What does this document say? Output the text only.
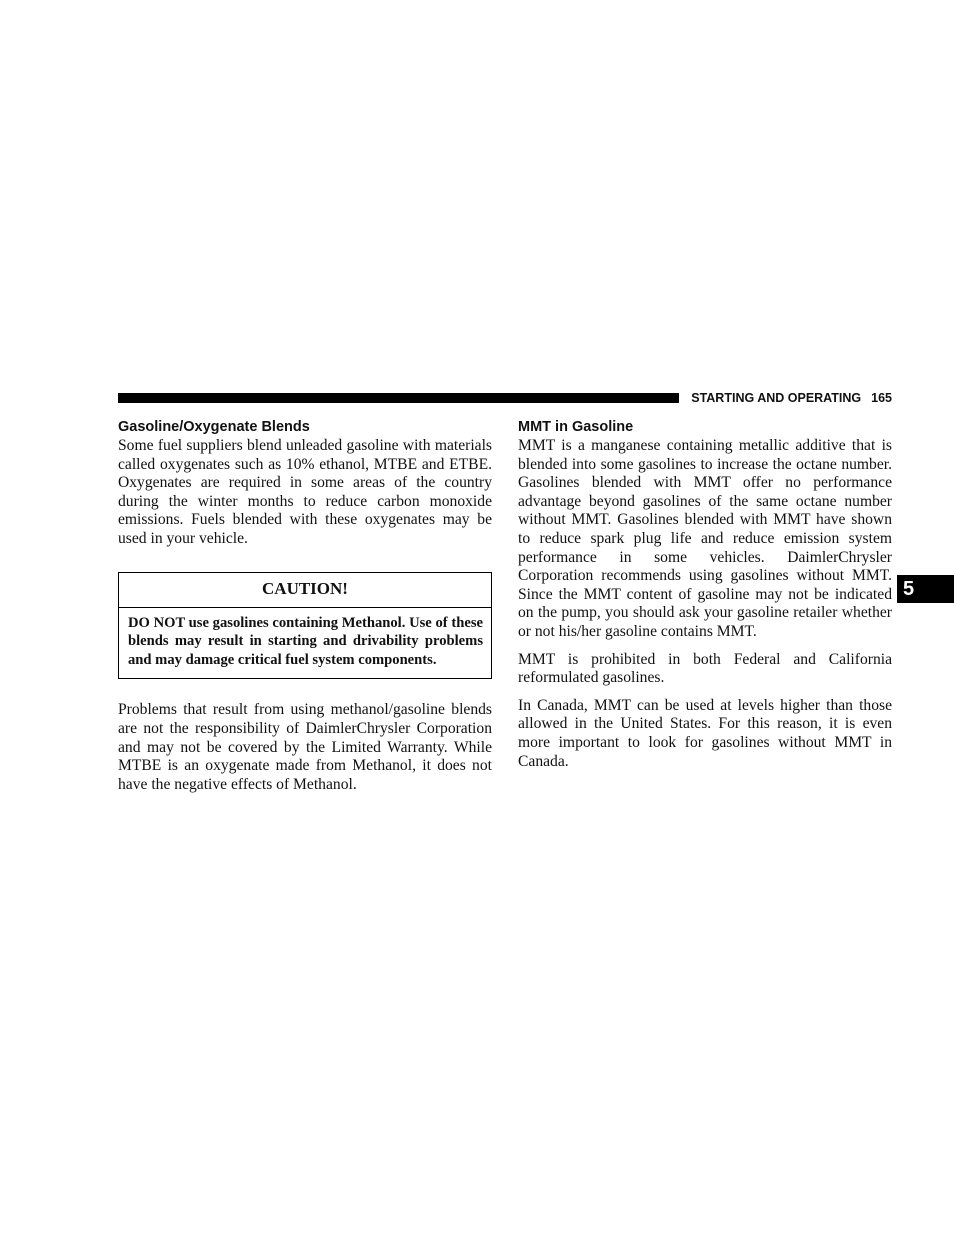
STARTING AND OPERATING 165
Gasoline/Oxygenate Blends

Some fuel suppliers blend unleaded gasoline with materials called oxygenates such as 10% ethanol, MTBE and ETBE. Oxygenates are required in some areas of the country during the winter months to reduce carbon monoxide emissions. Fuels blended with these oxygenates may be used in your vehicle.

CAUTION!
DO NOT use gasolines containing Methanol. Use of these blends may result in starting and drivability problems and may damage critical fuel system components.

Problems that result from using methanol/gasoline blends are not the responsibility of DaimlerChrysler Corporation and may not be covered by the Limited Warranty. While MTBE is an oxygenate made from Methanol, it does not have the negative effects of Methanol.

MMT in Gasoline

MMT is a manganese containing metallic additive that is blended into some gasolines to increase the octane number. Gasolines blended with MMT offer no performance advantage beyond gasolines of the same octane number without MMT. Gasolines blended with MMT have shown to reduce spark plug life and reduce emission system performance in some vehicles. DaimlerChrysler Corporation recommends using gasolines without MMT. Since the MMT content of gasoline may not be indicated on the pump, you should ask your gasoline retailer whether or not his/her gasoline contains MMT.

MMT is prohibited in both Federal and California reformulated gasolines.

In Canada, MMT can be used at levels higher than those allowed in the United States. For this reason, it is even more important to look for gasolines without MMT in Canada.

5
